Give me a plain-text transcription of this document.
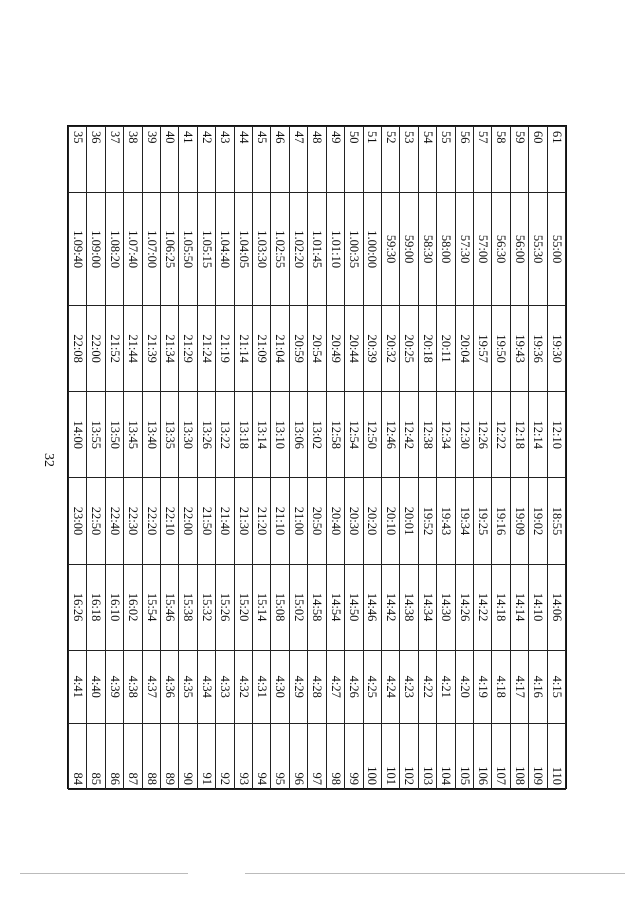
32
61	55:00	19:30	12:10	18:55	14:06	4:15	110
60	55:30	19:36	12:14	19:02	14:10	4:16	109
59	56:00	19:43	12:18	19:09	14:14	4:17	108
58	56:30	19:50	12:22	19:16	14:18	4:18	107
57	57:00	19:57	12:26	19:25	14:22	4:19	106
56	57:30	20:04	12:30	19:34	14:26	4:20	105
55	58:00	20:11	12:34	19:43	14:30	4:21	104
54	58:30	20:18	12:38	19:52	14:34	4:22	103
53	59:00	20:25	12:42	20:01	14:38	4:23	102
52	59:30	20:32	12:46	20:10	14:42	4:24	101
51	1.00:00	20:39	12:50	20:20	14:46	4:25	100
50	1.00:35	20:44	12:54	20:30	14:50	4:26	99
49	1.01:10	20:49	12:58	20:40	14:54	4:27	98
48	1.01:45	20:54	13:02	20:50	14:58	4:28	97
47	1.02:20	20:59	13:06	21:00	15:02	4:29	96
46	1.02:55	21:04	13:10	21:10	15:08	4:30	95
45	1.03:30	21:09	13:14	21:20	15:14	4:31	94
44	1.04:05	21:14	13:18	21:30	15:20	4:32	93
43	1.04:40	21:19	13:22	21:40	15:26	4:33	92
42	1.05:15	21:24	13:26	21:50	15:32	4:34	91
41	1.05:50	21:29	13:30	22:00	15:38	4:35	90
40	1.06:25	21:34	13:35	22:10	15:46	4:36	89
39	1.07:00	21:39	13:40	22:20	15:54	4:37	88
38	1.07:40	21:44	13:45	22:30	16:02	4:38	87
37	1.08:20	21:52	13:50	22:40	16:10	4:39	86
36	1.09:00	22:00	13:55	22:50	16:18	4:40	85
35	1.09:40	22:08	14:00	23:00	16:26	4:41	84
